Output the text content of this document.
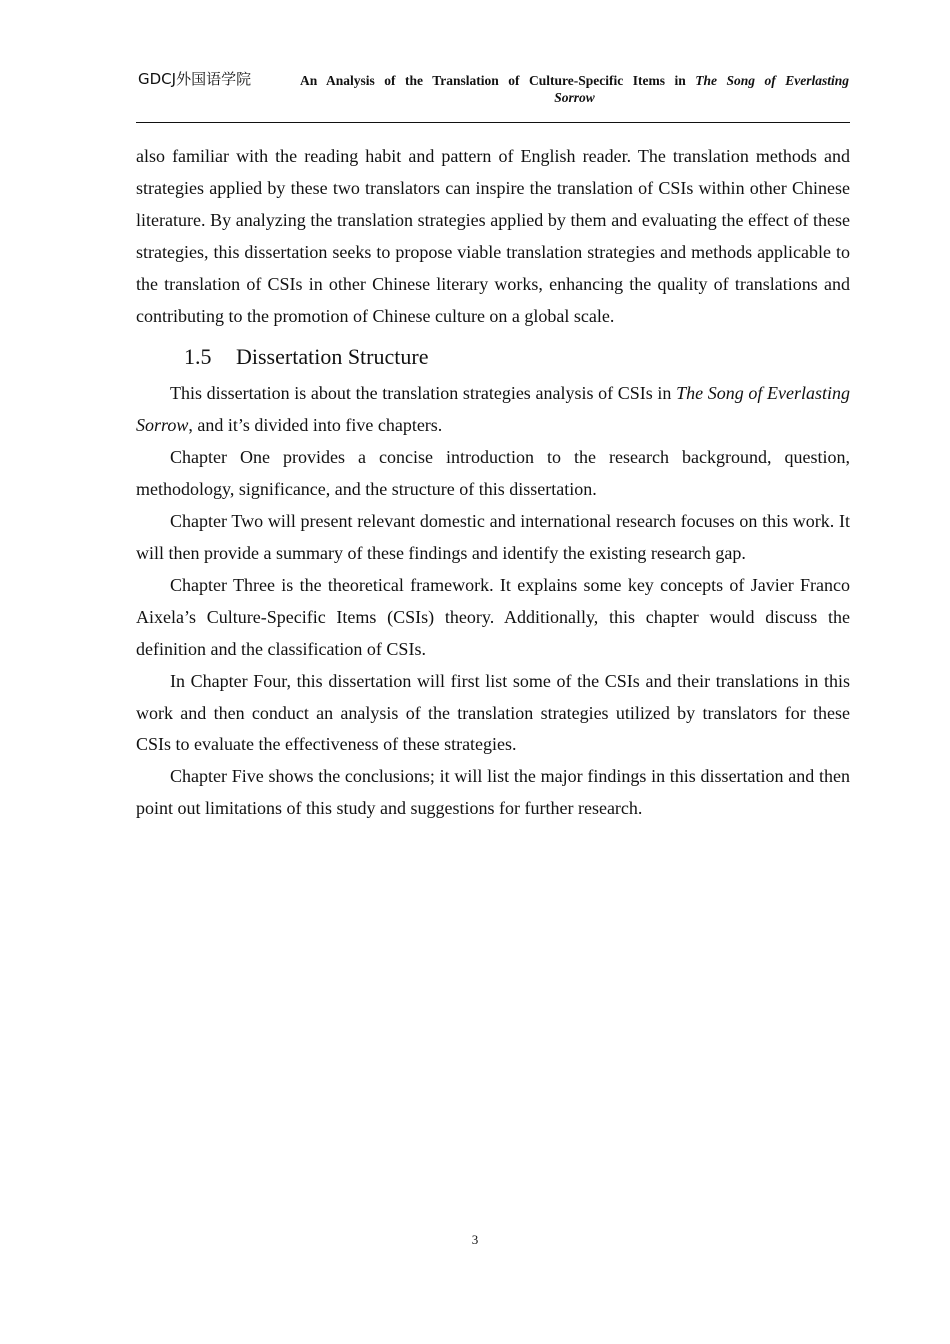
GDCJ外国语学院	An Analysis of the Translation of Culture-Specific Items in The Song of Everlasting
Sorrow

also familiar with the reading habit and pattern of English reader. The translation methods and strategies applied by these two translators can inspire the translation of CSIs within other Chinese literature. By analyzing the translation strategies applied by them and evaluating the effect of these strategies, this dissertation seeks to propose viable translation strategies and methods applicable to the translation of CSIs in other Chinese literary works, enhancing the quality of translations and contributing to the promotion of Chinese culture on a global scale.

1.5 Dissertation Structure

This dissertation is about the translation strategies analysis of CSIs in The Song of Everlasting Sorrow, and it’s divided into five chapters.

Chapter One provides a concise introduction to the research background, question, methodology, significance, and the structure of this dissertation.

Chapter Two will present relevant domestic and international research focuses on this work. It will then provide a summary of these findings and identify the existing research gap.

Chapter Three is the theoretical framework. It explains some key concepts of Javier Franco Aixela’s Culture-Specific Items (CSIs) theory. Additionally, this chapter would discuss the definition and the classification of CSIs.

In Chapter Four, this dissertation will first list some of the CSIs and their translations in this work and then conduct an analysis of the translation strategies utilized by translators for these CSIs to evaluate the effectiveness of these strategies.

Chapter Five shows the conclusions; it will list the major findings in this dissertation and then point out limitations of this study and suggestions for further research.

3
